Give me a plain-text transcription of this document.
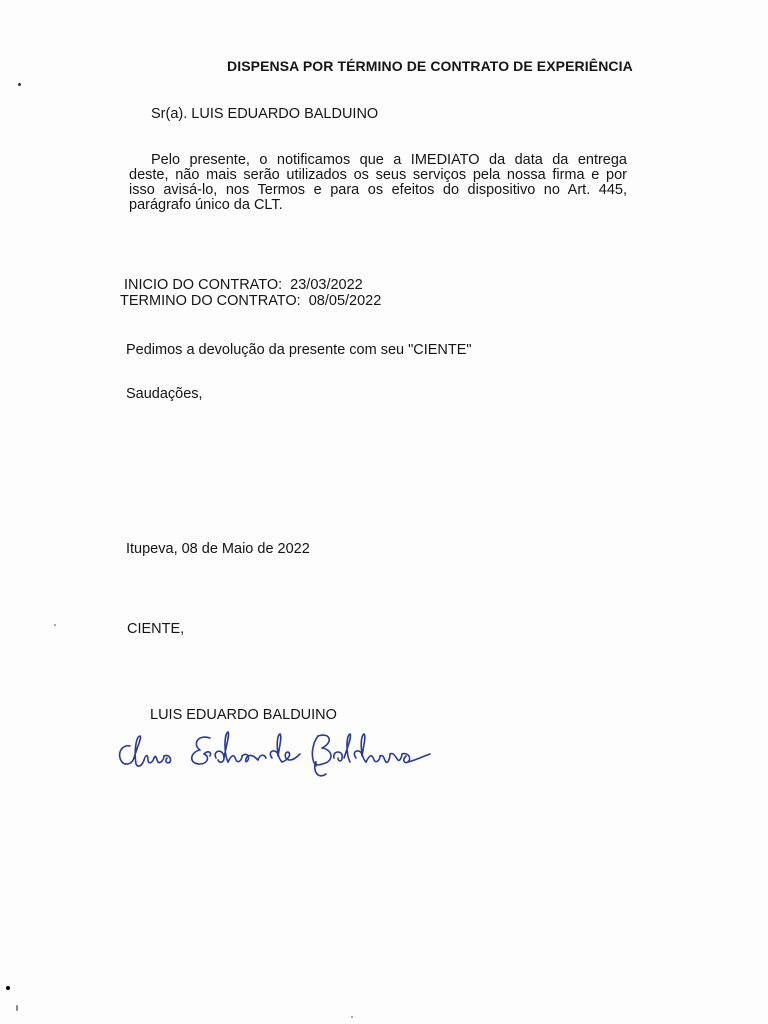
DISPENSA POR TÉRMINO DE CONTRATO DE EXPERIÊNCIA
Sr(a). LUIS EDUARDO BALDUINO
Pelo presente, o notificamos que a IMEDIATO da data da entrega
deste, não mais serão utilizados os seus serviços pela nossa firma e por
isso avisá-lo, nos Termos e para os efeitos do dispositivo no Art. 445,
parágrafo único da CLT.
INICIO DO CONTRATO: 23/03/2022
TERMINO DO CONTRATO: 08/05/2022
Pedimos a devolução da presente com seu "CIENTE"
Saudações,
Itupeva, 08 de Maio de 2022
CIENTE,
LUIS EDUARDO BALDUINO
